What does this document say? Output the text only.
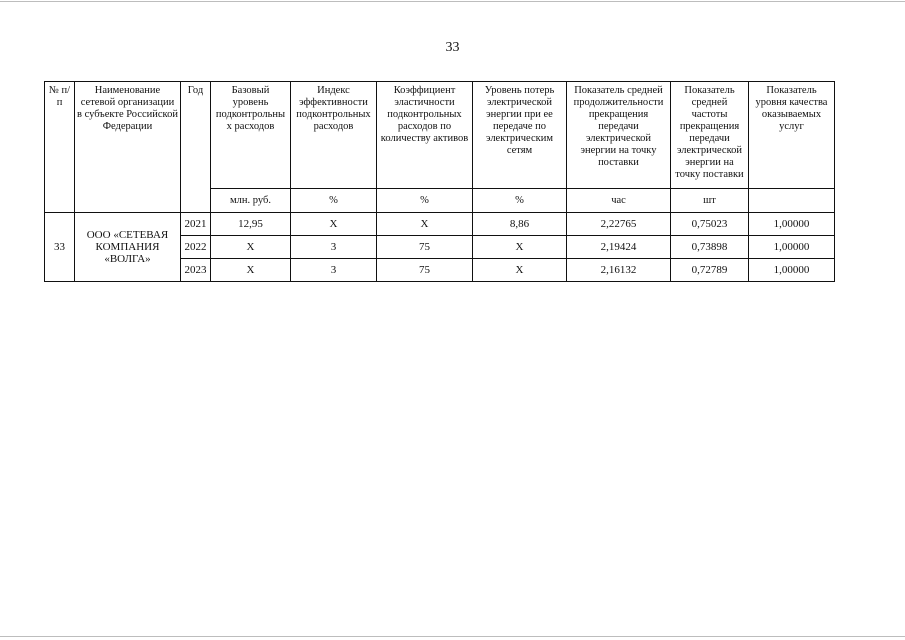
33
№ п/п	Наименование сетевой организации в субъекте Российской Федерации	Год	Базовый уровень подконтрольны х расходов	Индекс эффективности подконтрольных расходов	Коэффициент эластичности подконтрольных расходов по количеству активов	Уровень потерь электрической энергии при ее передаче по электрическим сетям	Показатель средней продолжительности прекращения передачи электрической энергии на точку поставки	Показатель средней частоты прекращения передачи электрической энергии на точку поставки	Показатель уровня качества оказываемых услуг
			млн. руб.	%	%	%	час	шт	
33	ООО «СЕТЕВАЯ КОМПАНИЯ «ВОЛГА»	2021	12,95	X	X	8,86	2,22765	0,75023	1,00000
		2022	X	3	75	X	2,19424	0,73898	1,00000
		2023	X	3	75	X	2,16132	0,72789	1,00000
